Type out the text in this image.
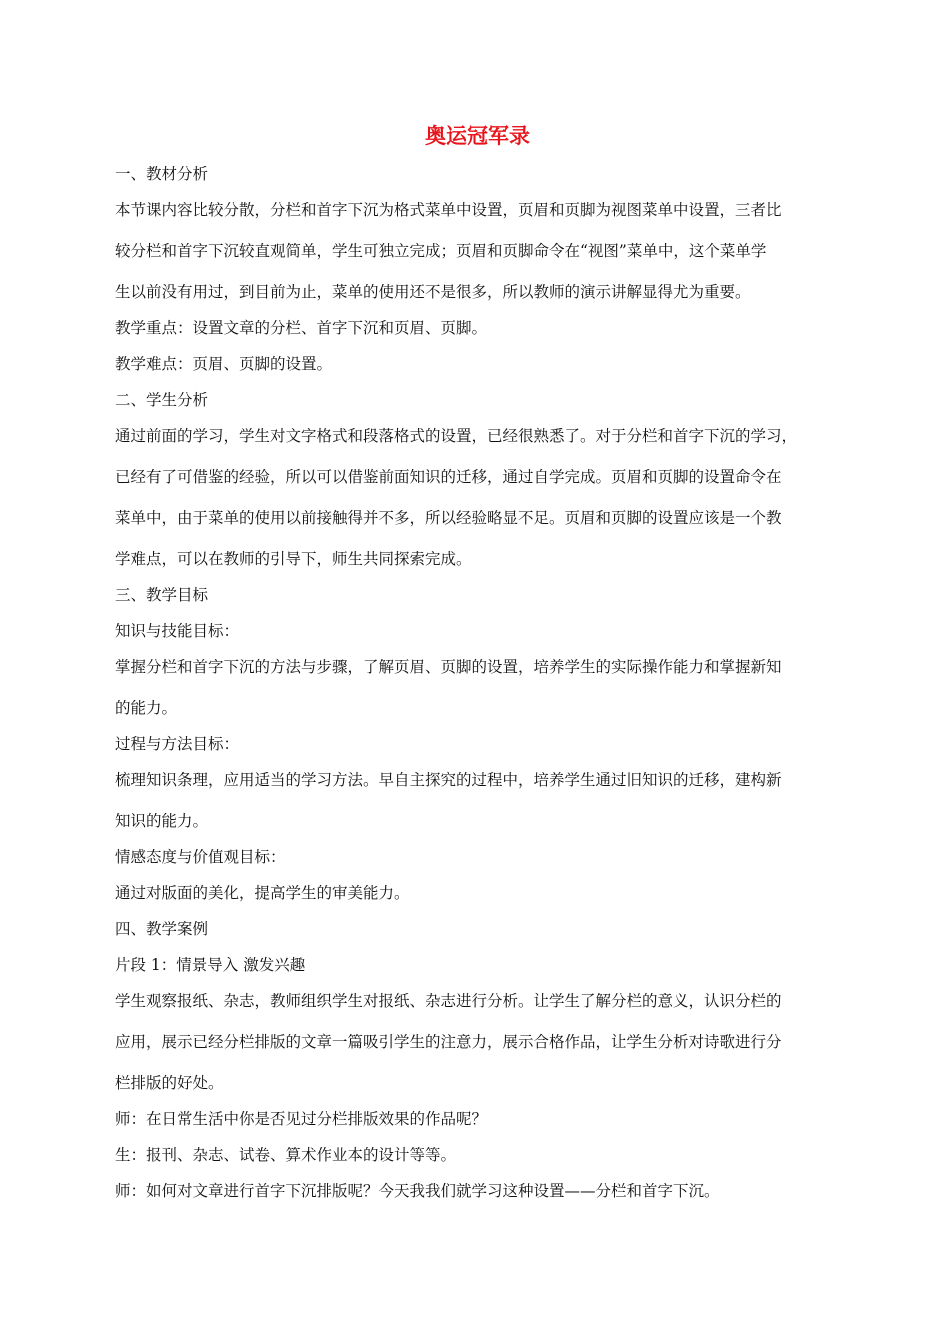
奥运冠军录
一、教材分析
本节课内容比较分散，分栏和首字下沉为格式菜单中设置，页眉和页脚为视图菜单中设置，三者比
较分栏和首字下沉较直观简单，学生可独立完成；页眉和页脚命令在“视图”菜单中，这个菜单学
生以前没有用过，到目前为止，菜单的使用还不是很多，所以教师的演示讲解显得尤为重要。
教学重点：设置文章的分栏、首字下沉和页眉、页脚。
教学难点：页眉、页脚的设置。
二、学生分析
通过前面的学习，学生对文字格式和段落格式的设置，已经很熟悉了。对于分栏和首字下沉的学习，
已经有了可借鉴的经验，所以可以借鉴前面知识的迁移，通过自学完成。页眉和页脚的设置命令在
菜单中，由于菜单的使用以前接触得并不多，所以经验略显不足。页眉和页脚的设置应该是一个教
学难点，可以在教师的引导下，师生共同探索完成。
三、教学目标
知识与技能目标：
掌握分栏和首字下沉的方法与步骤，了解页眉、页脚的设置，培养学生的实际操作能力和掌握新知
的能力。
过程与方法目标：
梳理知识条理，应用适当的学习方法。早自主探究的过程中，培养学生通过旧知识的迁移，建构新
知识的能力。
情感态度与价值观目标：
通过对版面的美化，提高学生的审美能力。
四、教学案例
片段 1：情景导入 激发兴趣
学生观察报纸、杂志，教师组织学生对报纸、杂志进行分析。让学生了解分栏的意义，认识分栏的
应用，展示已经分栏排版的文章一篇吸引学生的注意力，展示合格作品，让学生分析对诗歌进行分
栏排版的好处。
师：在日常生活中你是否见过分栏排版效果的作品呢？
生：报刊、杂志、试卷、算术作业本的设计等等。
师：如何对文章进行首字下沉排版呢？今天我我们就学习这种设置——分栏和首字下沉。
